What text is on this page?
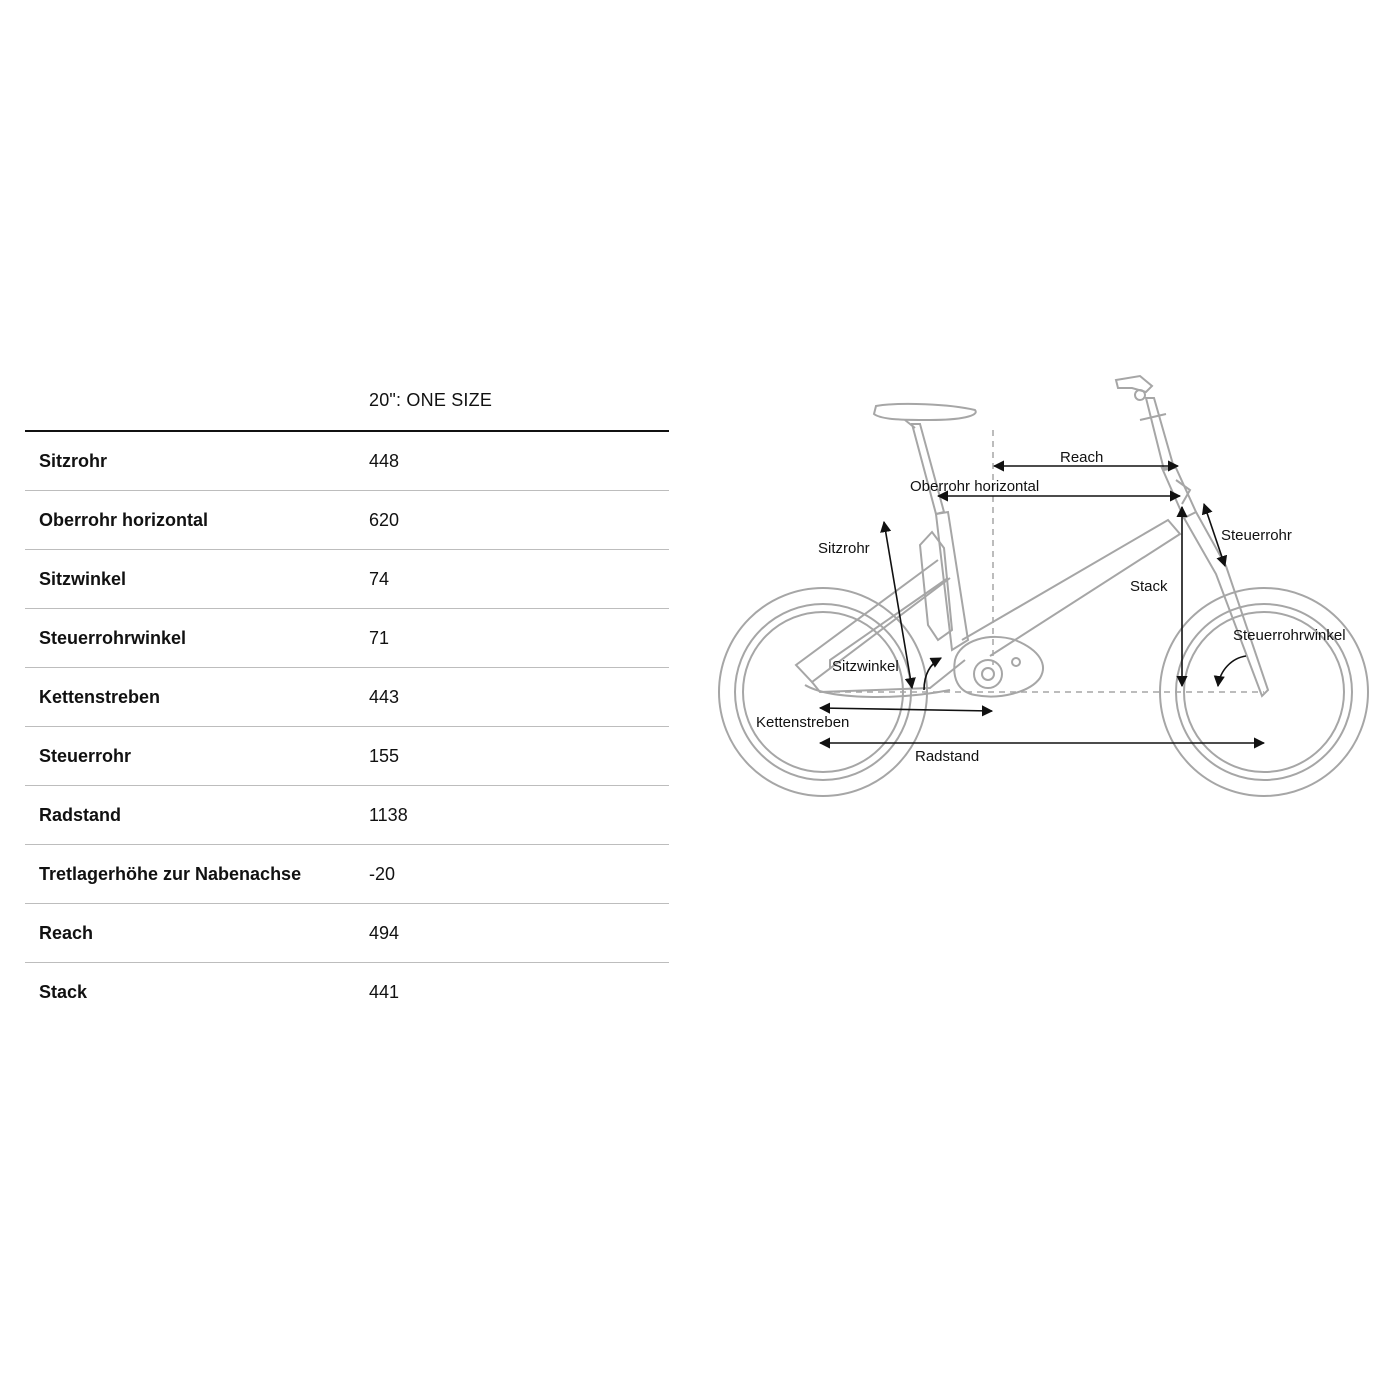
20": ONE SIZE
Sitzrohr	448
Oberrohr horizontal	620
Sitzwinkel	74
Steuerrohrwinkel	71
Kettenstreben	443
Steuerrohr	155
Radstand	1138
Tretlagerhöhe zur Nabenachse	-20
Reach	494
Stack	441
Reach
Oberrohr horizontal
Steuerrohr
Sitzrohr
Stack
Steuerrohrwinkel
Sitzwinkel
Kettenstreben
Radstand
